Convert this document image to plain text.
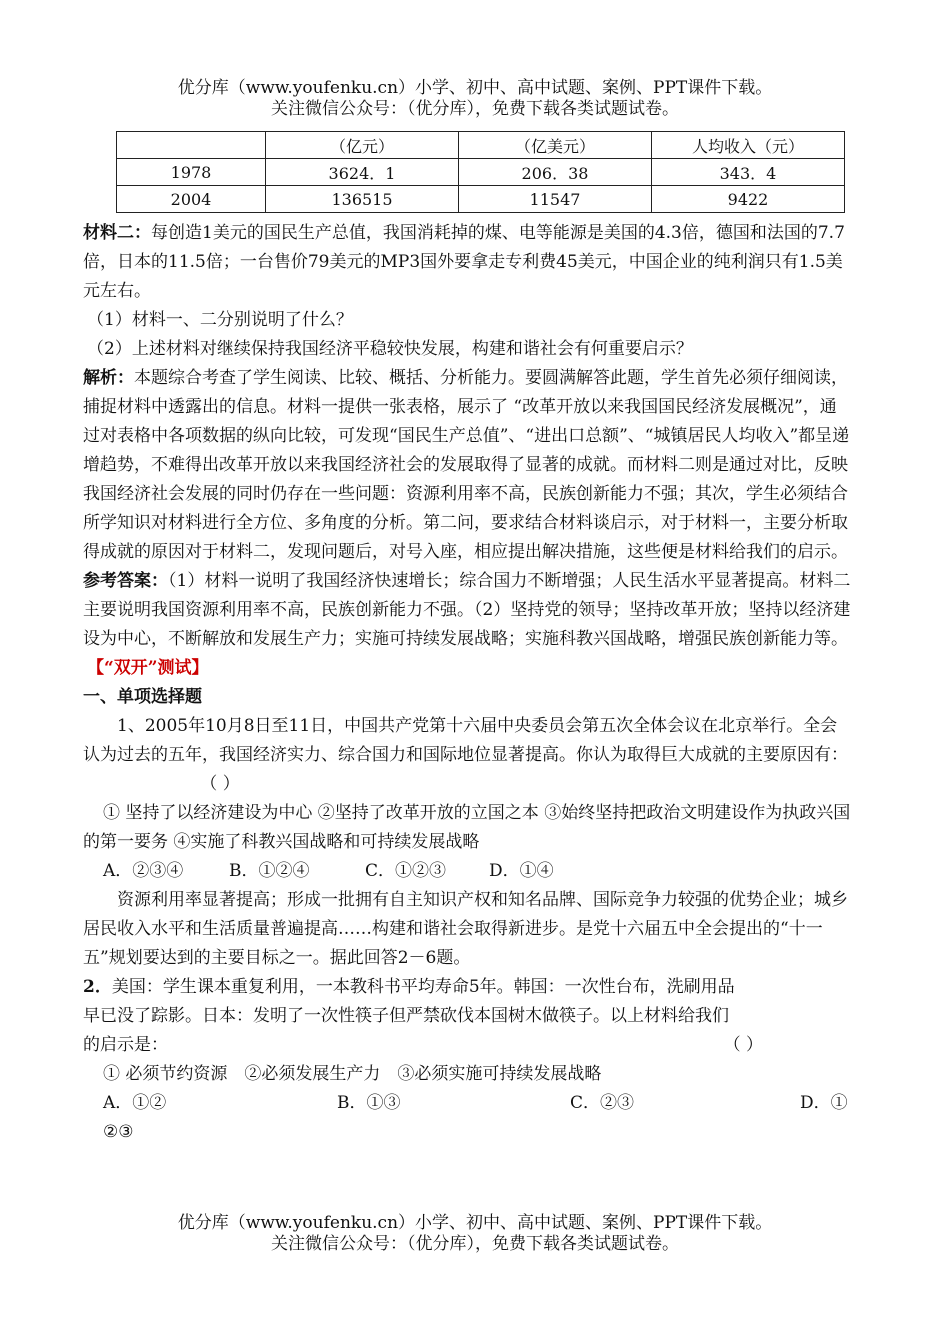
优分库（www.youfenku.cn）小学、初中、高中试题、案例、PPT课件下载。
关注微信公众号：（优分库），免费下载各类试题试卷。
	（亿元）	（亿美元）	人均收入（元）
1978	3624．1	206．38	343．4
2004	136515	11547	9422

材料二：每创造1美元的国民生产总值，我国消耗掉的煤、电等能源是美国的4.3倍，德国和法国的7.7倍，日本的11.5倍；一台售价79美元的MP3国外要拿走专利费45美元，中国企业的纯利润只有1.5美元左右。

（1）材料一、二分别说明了什么？

（2）上述材料对继续保持我国经济平稳较快发展，构建和谐社会有何重要启示？

解析：本题综合考查了学生阅读、比较、概括、分析能力。要圆满解答此题，学生首先必须仔细阅读，捕捉材料中透露出的信息。材料一提供一张表格，展示了 “改革开放以来我国国民经济发展概况”，通过对表格中各项数据的纵向比较，可发现“国民生产总值”、“进出口总额”、“城镇居民人均收入”都呈递增趋势，不难得出改革开放以来我国经济社会的发展取得了显著的成就。而材料二则是通过对比，反映我国经济社会发展的同时仍存在一些问题：资源利用率不高，民族创新能力不强；其次，学生必须结合所学知识对材料进行全方位、多角度的分析。第二问，要求结合材料谈启示，对于材料一，主要分析取得成就的原因对于材料二，发现问题后，对号入座，相应提出解决措施，这些便是材料给我们的启示。

参考答案：（1）材料一说明了我国经济快速增长；综合国力不断增强；人民生活水平显著提高。材料二主要说明我国资源利用率不高，民族创新能力不强。（2）坚持党的领导；坚持改革开放；坚持以经济建设为中心，不断解放和发展生产力；实施可持续发展战略；实施科教兴国战略，增强民族创新能力等。

【“双开”测试】

一、单项选择题

1、2005年10月8日至11日，中国共产党第十六届中央委员会第五次全体会议在北京举行。全会认为过去的五年，我国经济实力、综合国力和国际地位显著提高。你认为取得巨大成就的主要原因有：（ ）

① 坚持了以经济建设为中心 ②坚持了改革开放的立国之本 ③始终坚持把政治文明建设作为执政兴国的第一要务 ④实施了科教兴国战略和可持续发展战略

A．②③④	B．①②④	C．①②③	D．①④

资源利用率显著提高；形成一批拥有自主知识产权和知名品牌、国际竞争力较强的优势企业；城乡居民收入水平和生活质量普遍提高……构建和谐社会取得新进步。是党十六届五中全会提出的“十一五”规划要达到的主要目标之一。据此回答2－6题。

2．美国：学生课本重复利用，一本教科书平均寿命5年。韩国：一次性台布，洗刷用品

早已没了踪影。日本：发明了一次性筷子但严禁砍伐本国树木做筷子。以上材料给我们

的启示是：	（ ）

① 必须节约资源　②必须发展生产力　③必须实施可持续发展战略

A．①②	B．①③	C．②③	D．①

②③

优分库（www.youfenku.cn）小学、初中、高中试题、案例、PPT课件下载。
关注微信公众号：（优分库），免费下载各类试题试卷。
